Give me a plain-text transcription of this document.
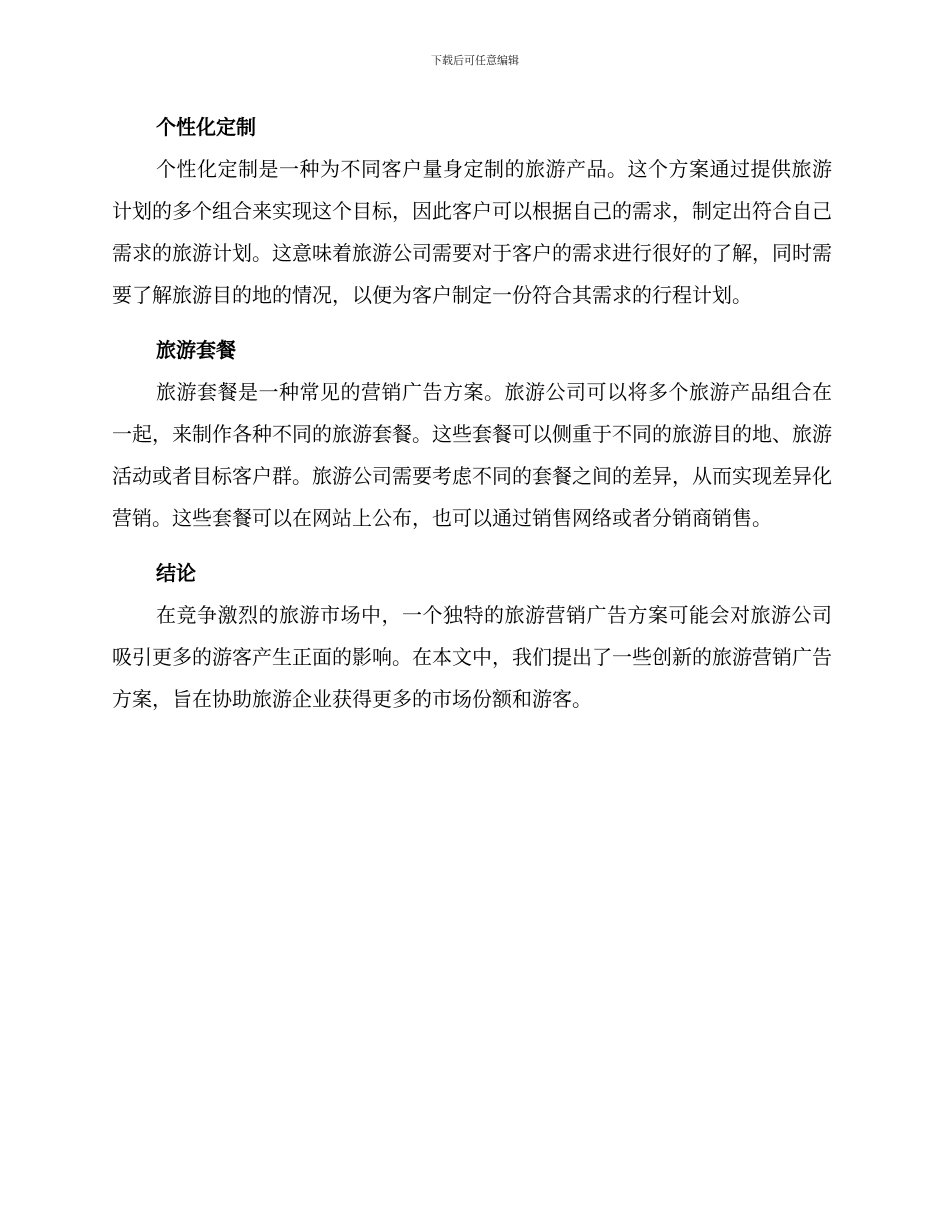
下载后可任意编辑
个性化定制

个性化定制是一种为不同客户量身定制的旅游产品。这个方案通过提供旅游计划的多个组合来实现这个目标，因此客户可以根据自己的需求，制定出符合自己需求的旅游计划。这意味着旅游公司需要对于客户的需求进行很好的了解，同时需要了解旅游目的地的情况，以便为客户制定一份符合其需求的行程计划。

旅游套餐

旅游套餐是一种常见的营销广告方案。旅游公司可以将多个旅游产品组合在一起，来制作各种不同的旅游套餐。这些套餐可以侧重于不同的旅游目的地、旅游活动或者目标客户群。旅游公司需要考虑不同的套餐之间的差异，从而实现差异化营销。这些套餐可以在网站上公布，也可以通过销售网络或者分销商销售。

结论

在竞争激烈的旅游市场中，一个独特的旅游营销广告方案可能会对旅游公司吸引更多的游客产生正面的影响。在本文中，我们提出了一些创新的旅游营销广告方案，旨在协助旅游企业获得更多的市场份额和游客。
